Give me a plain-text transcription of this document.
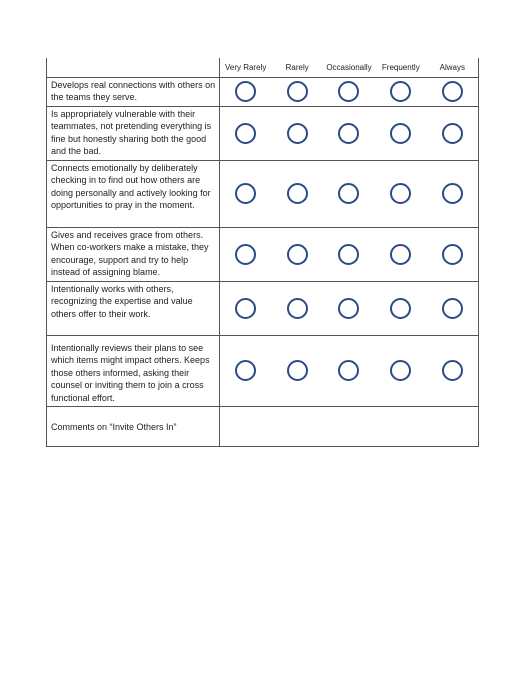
	Very Rarely	Rarely	Occasionally	Frequently	Always
Develops real connections with others on the teams they serve.					
Is appropriately vulnerable with their teammates, not pretending everything is fine but honestly sharing both the good and the bad.					
Connects emotionally by deliberately checking in to find out how others are doing personally and actively looking for opportunities to pray in the moment.					
Gives and receives grace from others. When co-workers make a mistake, they encourage, support and try to help instead of assigning blame.					
Intentionally works with others, recognizing the expertise and value others offer to their work.					
Intentionally reviews their plans to see which items might impact others. Keeps those others informed, asking their counsel or inviting them to join a cross functional effort.					
Comments on “Invite Others In”	
